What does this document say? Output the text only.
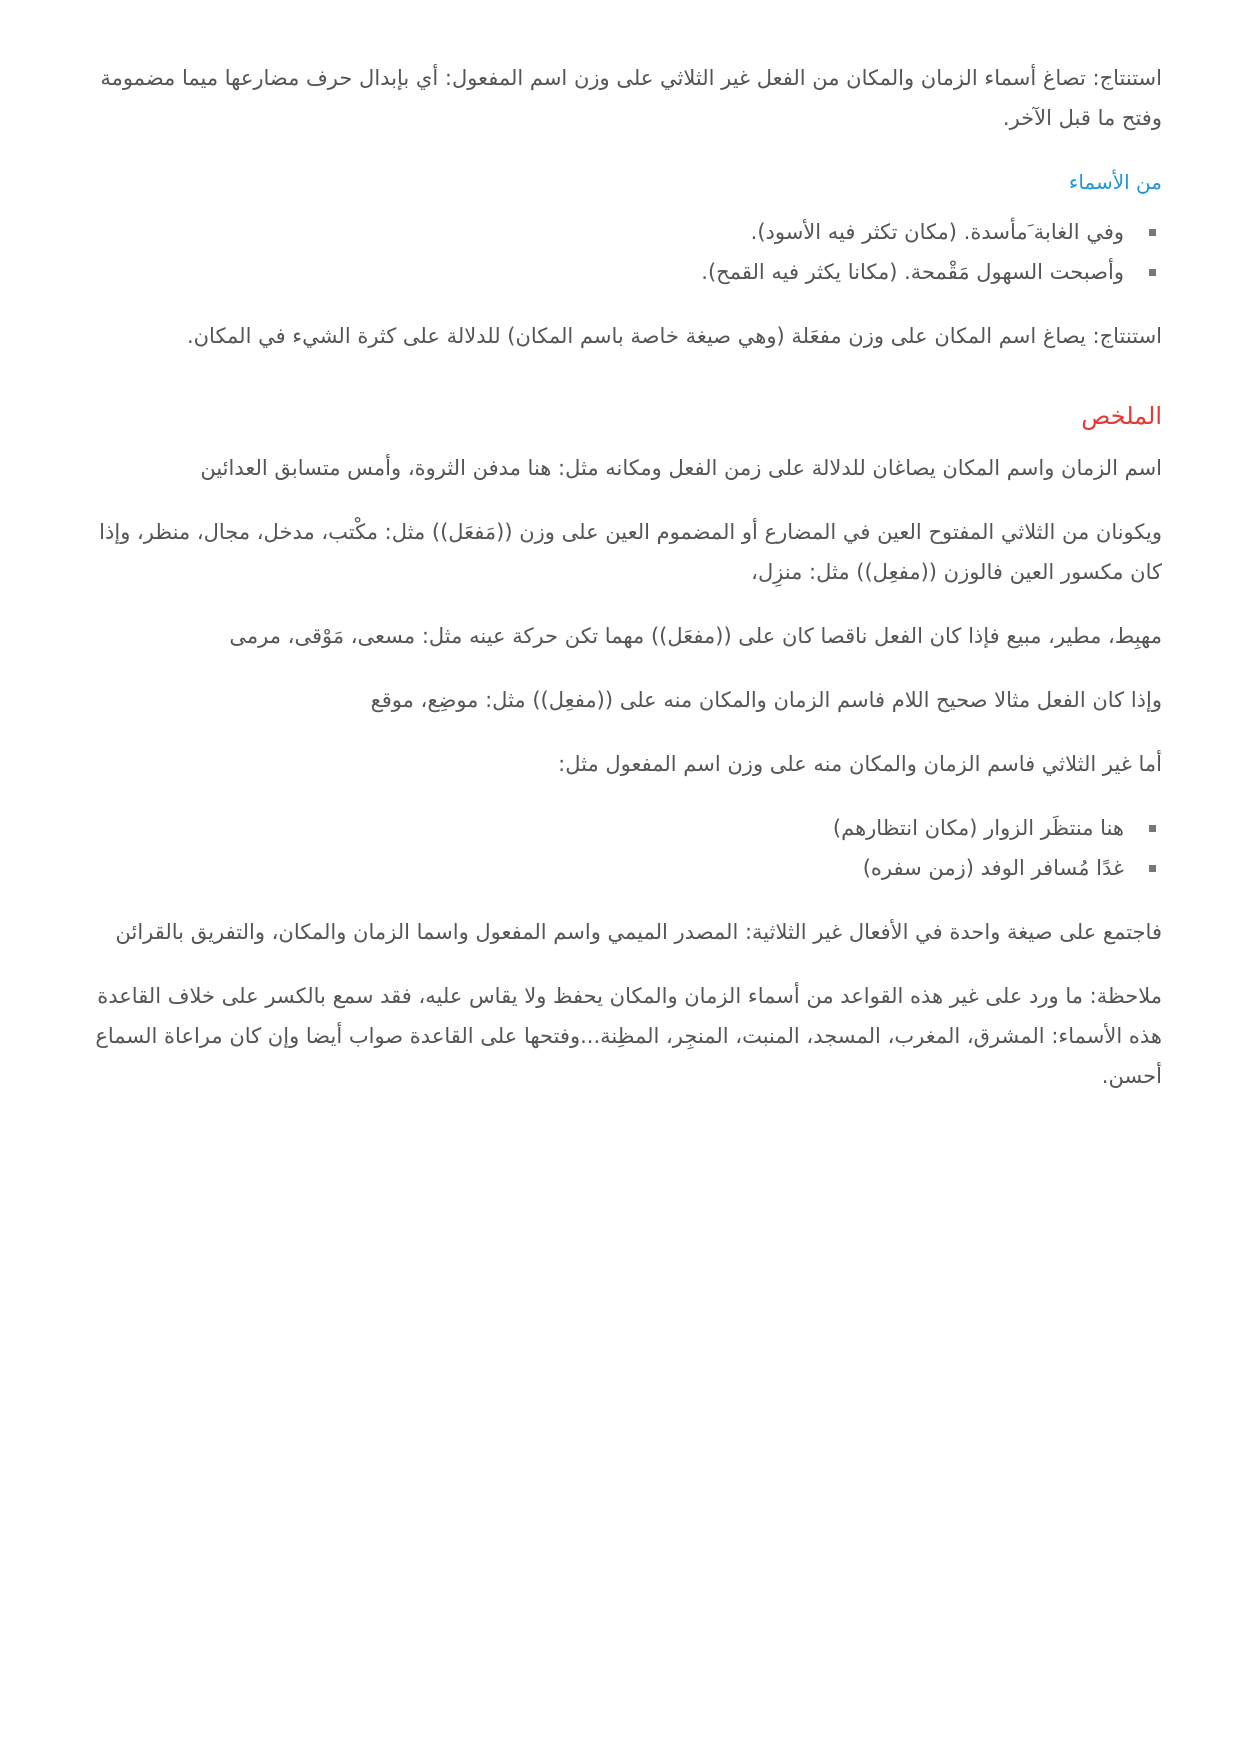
استنتاج: تصاغ أسماء الزمان والمكان من الفعل غير الثلاثي على وزن اسم المفعول: أي بإبدال حرف مضارعها ميما مضمومة وفتح ما قبل الآخر.

من الأسماء
وفي الغابة َمأسدة. (مكان تكثر فيه الأسود).
وأصبحت السهول مَقْمحة. (مكانا يكثر فيه القمح).

استنتاج: يصاغ اسم المكان على وزن مفعَلة (وهي صيغة خاصة باسم المكان) للدلالة على كثرة الشيء في المكان.

الملخص

اسم الزمان واسم المكان يصاغان للدلالة على زمن الفعل ومكانه مثل: هنا مدفن الثروة، وأمس متسابق العدائين

ويكونان من الثلاثي المفتوح العين في المضارع أو المضموم العين على وزن ((مَفعَل)) مثل: مكْتب، مدخل، مجال، منظر، وإذا كان مكسور العين فالوزن ((مفعِل)) مثل: منزِل،

مهبِط، مطير، مبيع فإذا كان الفعل ناقصا كان على ((مفعَل)) مهما تكن حركة عينه مثل: مسعى، مَوْقى، مرمى

وإذا كان الفعل مثالا صحيح اللام فاسم الزمان والمكان منه على ((مفعِل)) مثل: موضِع، موقع

أما غير الثلاثي فاسم الزمان والمكان منه على وزن اسم المفعول مثل:

هنا منتظَر الزوار (مكان انتظارهم)
غدًا مُسافر الوفد (زمن سفره)

فاجتمع على صيغة واحدة في الأفعال غير الثلاثية: المصدر الميمي واسم المفعول واسما الزمان والمكان، والتفريق بالقرائن

ملاحظة: ما ورد على غير هذه القواعد من أسماء الزمان والمكان يحفظ ولا يقاس عليه، فقد سمع بالكسر على خلاف القاعدة هذه الأسماء: المشرق، المغرب، المسجد، المنبت، المنجِر، المظِنة...وفتحها على القاعدة صواب أيضا وإن كان مراعاة السماع أحسن.
